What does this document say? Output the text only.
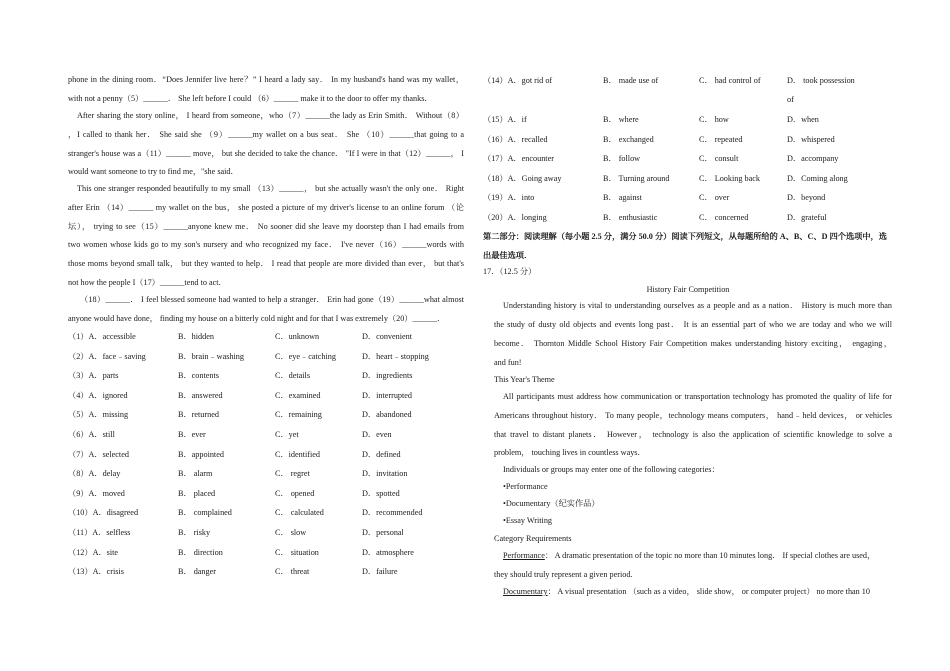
phone in the dining room．“Does Jennifer live here？” I heard a lady say． In my husband's hand was my wallet，
with not a penny（5）______． She left before I could （6）______ make it to the door to offer my thanks．
After sharing the story online， I heard from someone，who（7）______the lady as Erin Smith． Without（8）
，I called to thank her． She said she （9）______my wallet on a bus seat． She （10）______that going to a
stranger's house was a（11）______ move， but she decided to take the chance． "If I were in that（12）______， I
would want someone to try to find me，"she said．
This one stranger responded beautifully to my small （13）______， but she actually wasn't the only one． Right
after Erin （14）______ my wallet on the bus， she posted a picture of my driver's license to an online forum （论
坛）， trying to see（15）______anyone knew me． No sooner did she leave my doorstep than I had emails from
two women whose kids go to my son's nursery and who recognized my face． I've never（16）______words with
those moms beyond small talk， but they wanted to help． I read that people are more divided than ever， but that's
not how the people I（17）______tend to act．
（18）______． I feel blessed someone had wanted to help a stranger． Erin had gone（19）______what almost
anyone would have done， finding my house on a bitterly cold night and for that I was extremely（20）______．
（1）A．accessible	B．hidden	C．unknown	D．convenient
（2）A．face﹣saving	B．brain﹣washing	C．eye﹣catching	D．heart﹣stopping
（3）A．parts	B．contents	C．details	D．ingredients
（4）A．ignored	B．answered	C．examined	D．interrupted
（5）A．missing	B．returned	C．remaining	D．abandoned
（6）A．still	B．ever	C．yet	D．even
（7）A．selected	B．appointed	C．identified	D．defined
（8）A．delay	B． alarm	C． regret	D．invitation
（9）A．moved	B． placed	C． opened	D．spotted
（10）A．disagreed	B． complained	C． calculated	D．recommended
（11）A．selfless	B． risky	C． slow	D．personal
（12）A．site	B． direction	C． situation	D．atmosphere
（13）A．crisis	B． danger	C． threat	D．failure
（14）A．got rid of	B． made use of	C． had control of	D． took possession
of
（15）A．if	B． where	C． how	D．when
（16）A．recalled	B． exchanged	C． repeated	D．whispered
（17）A．encounter	B． follow	C． consult	D．accompany
（18）A．Going away	B． Turning around	C． Looking back	D．Coming along
（19）A．into	B． against	C． over	D．beyond
（20）A．longing	B． enthusiastic	C． concerned	D．grateful
第二部分：阅读理解（每小题 2.5 分，满分 50.0 分）阅读下列短文，从每题所给的 A、B、C、D 四个选项中，选
出最佳选项．
17．（12.5 分）
History Fair Competition
Understanding history is vital to understanding ourselves as a people and as a nation． History is much more than
the study of dusty old objects and events long past． It is an essential part of who we are today and who we will
become． Thornton Middle School History Fair Competition makes understanding history exciting， engaging，
and fun!
This Year's Theme
All participants must address how communication or transportation technology has promoted the quality of life for
Americans throughout history． To many people，technology means computers， hand﹣held devices， or vehicles
that travel to distant planets． However， technology is also the application of scientific knowledge to solve a
problem， touching lives in countless ways．
Individuals or groups may enter one of the following categories：
•Performance
•Documentary（纪实作品）
•Essay Writing
Category Requirements
Performance： A dramatic presentation of the topic no more than 10 minutes long． If special clothes are used，
they should truly represent a given period.
Documentary： A visual presentation （such as a video， slide show， or computer project） no more than 10
